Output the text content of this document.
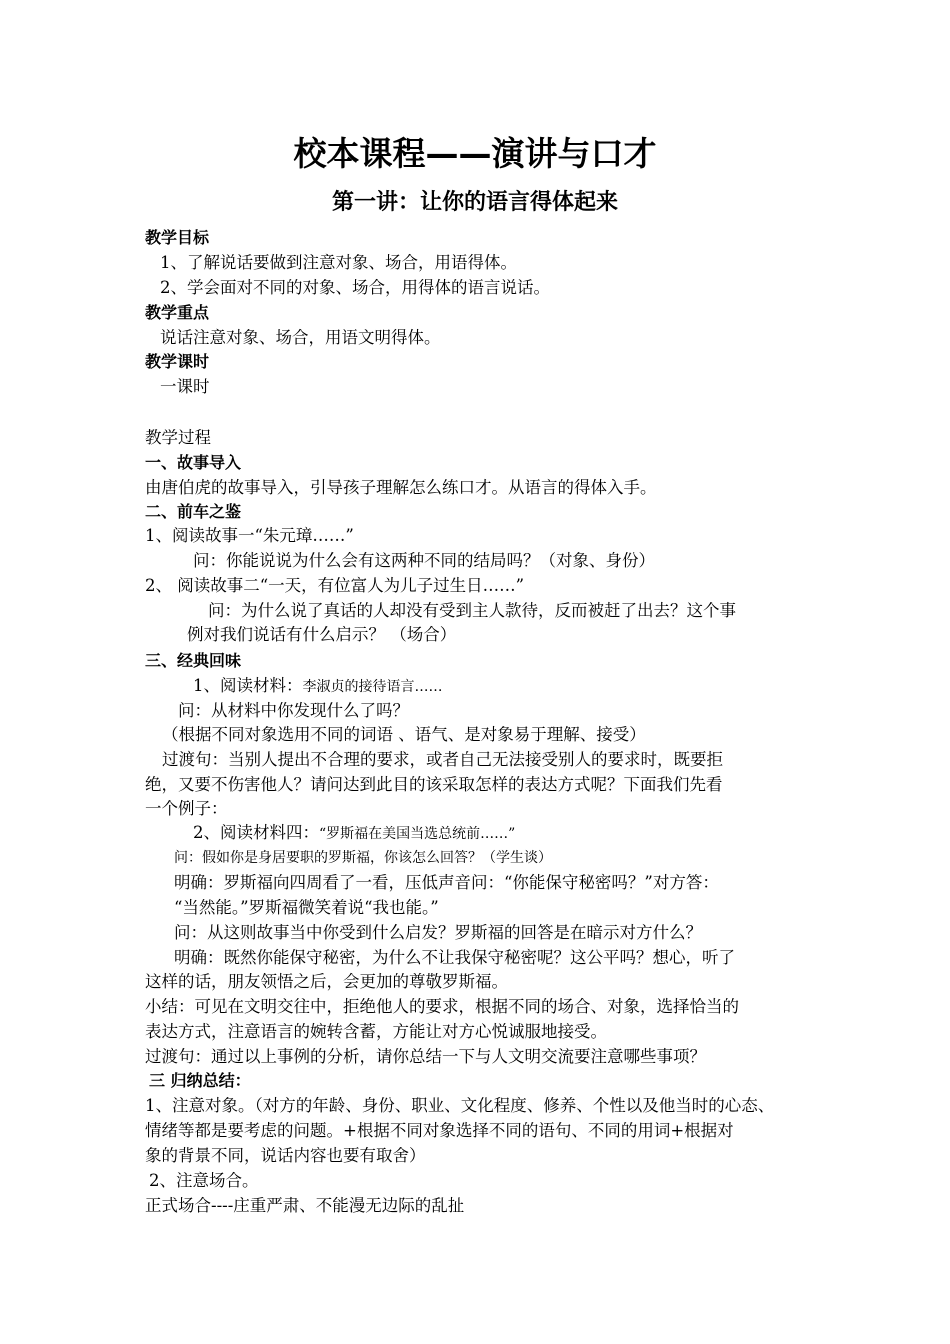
校本课程——演讲与口才
第一讲：让你的语言得体起来
教学目标
1、了解说话要做到注意对象、场合，用语得体。
2、学会面对不同的对象、场合，用得体的语言说话。
教学重点
说话注意对象、场合，用语文明得体。
教学课时
一课时
教学过程
一、故事导入
由唐伯虎的故事导入，引导孩子理解怎么练口才。从语言的得体入手。
二、前车之鉴
1、阅读故事一“朱元璋……”
问：你能说说为什么会有这两种不同的结局吗？（对象、身份）
2、 阅读故事二“一天，有位富人为儿子过生日……”
问：为什么说了真话的人却没有受到主人款待，反而被赶了出去？这个事
例对我们说话有什么启示？ （场合）
三、经典回味
1、阅读材料：李淑贞的接待语言……
问：从材料中你发现什么了吗？
（根据不同对象选用不同的词语 、语气、是对象易于理解、接受）
过渡句：当别人提出不合理的要求，或者自己无法接受别人的要求时，既要拒
绝，又要不伤害他人？请问达到此目的该采取怎样的表达方式呢？下面我们先看
一个例子：
2、阅读材料四：“罗斯福在美国当选总统前……”
问：假如你是身居要职的罗斯福，你该怎么回答？（学生谈）
明确：罗斯福向四周看了一看，压低声音问：“你能保守秘密吗？”对方答：
“当然能。”罗斯福微笑着说“我也能。”
问：从这则故事当中你受到什么启发？罗斯福的回答是在暗示对方什么？
明确：既然你能保守秘密，为什么不让我保守秘密呢？这公平吗？想心，听了
这样的话，朋友领悟之后，会更加的尊敬罗斯福。
小结：可见在文明交往中，拒绝他人的要求，根据不同的场合、对象，选择恰当的
表达方式，注意语言的婉转含蓄，方能让对方心悦诚服地接受。
过渡句：通过以上事例的分析，请你总结一下与人文明交流要注意哪些事项？
三 归纳总结：
1、注意对象。（对方的年龄、身份、职业、文化程度、修养、个性以及他当时的心态、
情绪等都是要考虑的问题。+根据不同对象选择不同的语句、不同的用词+根据对
象的背景不同，说话内容也要有取舍）
2、注意场合。
正式场合----庄重严肃、不能漫无边际的乱扯
